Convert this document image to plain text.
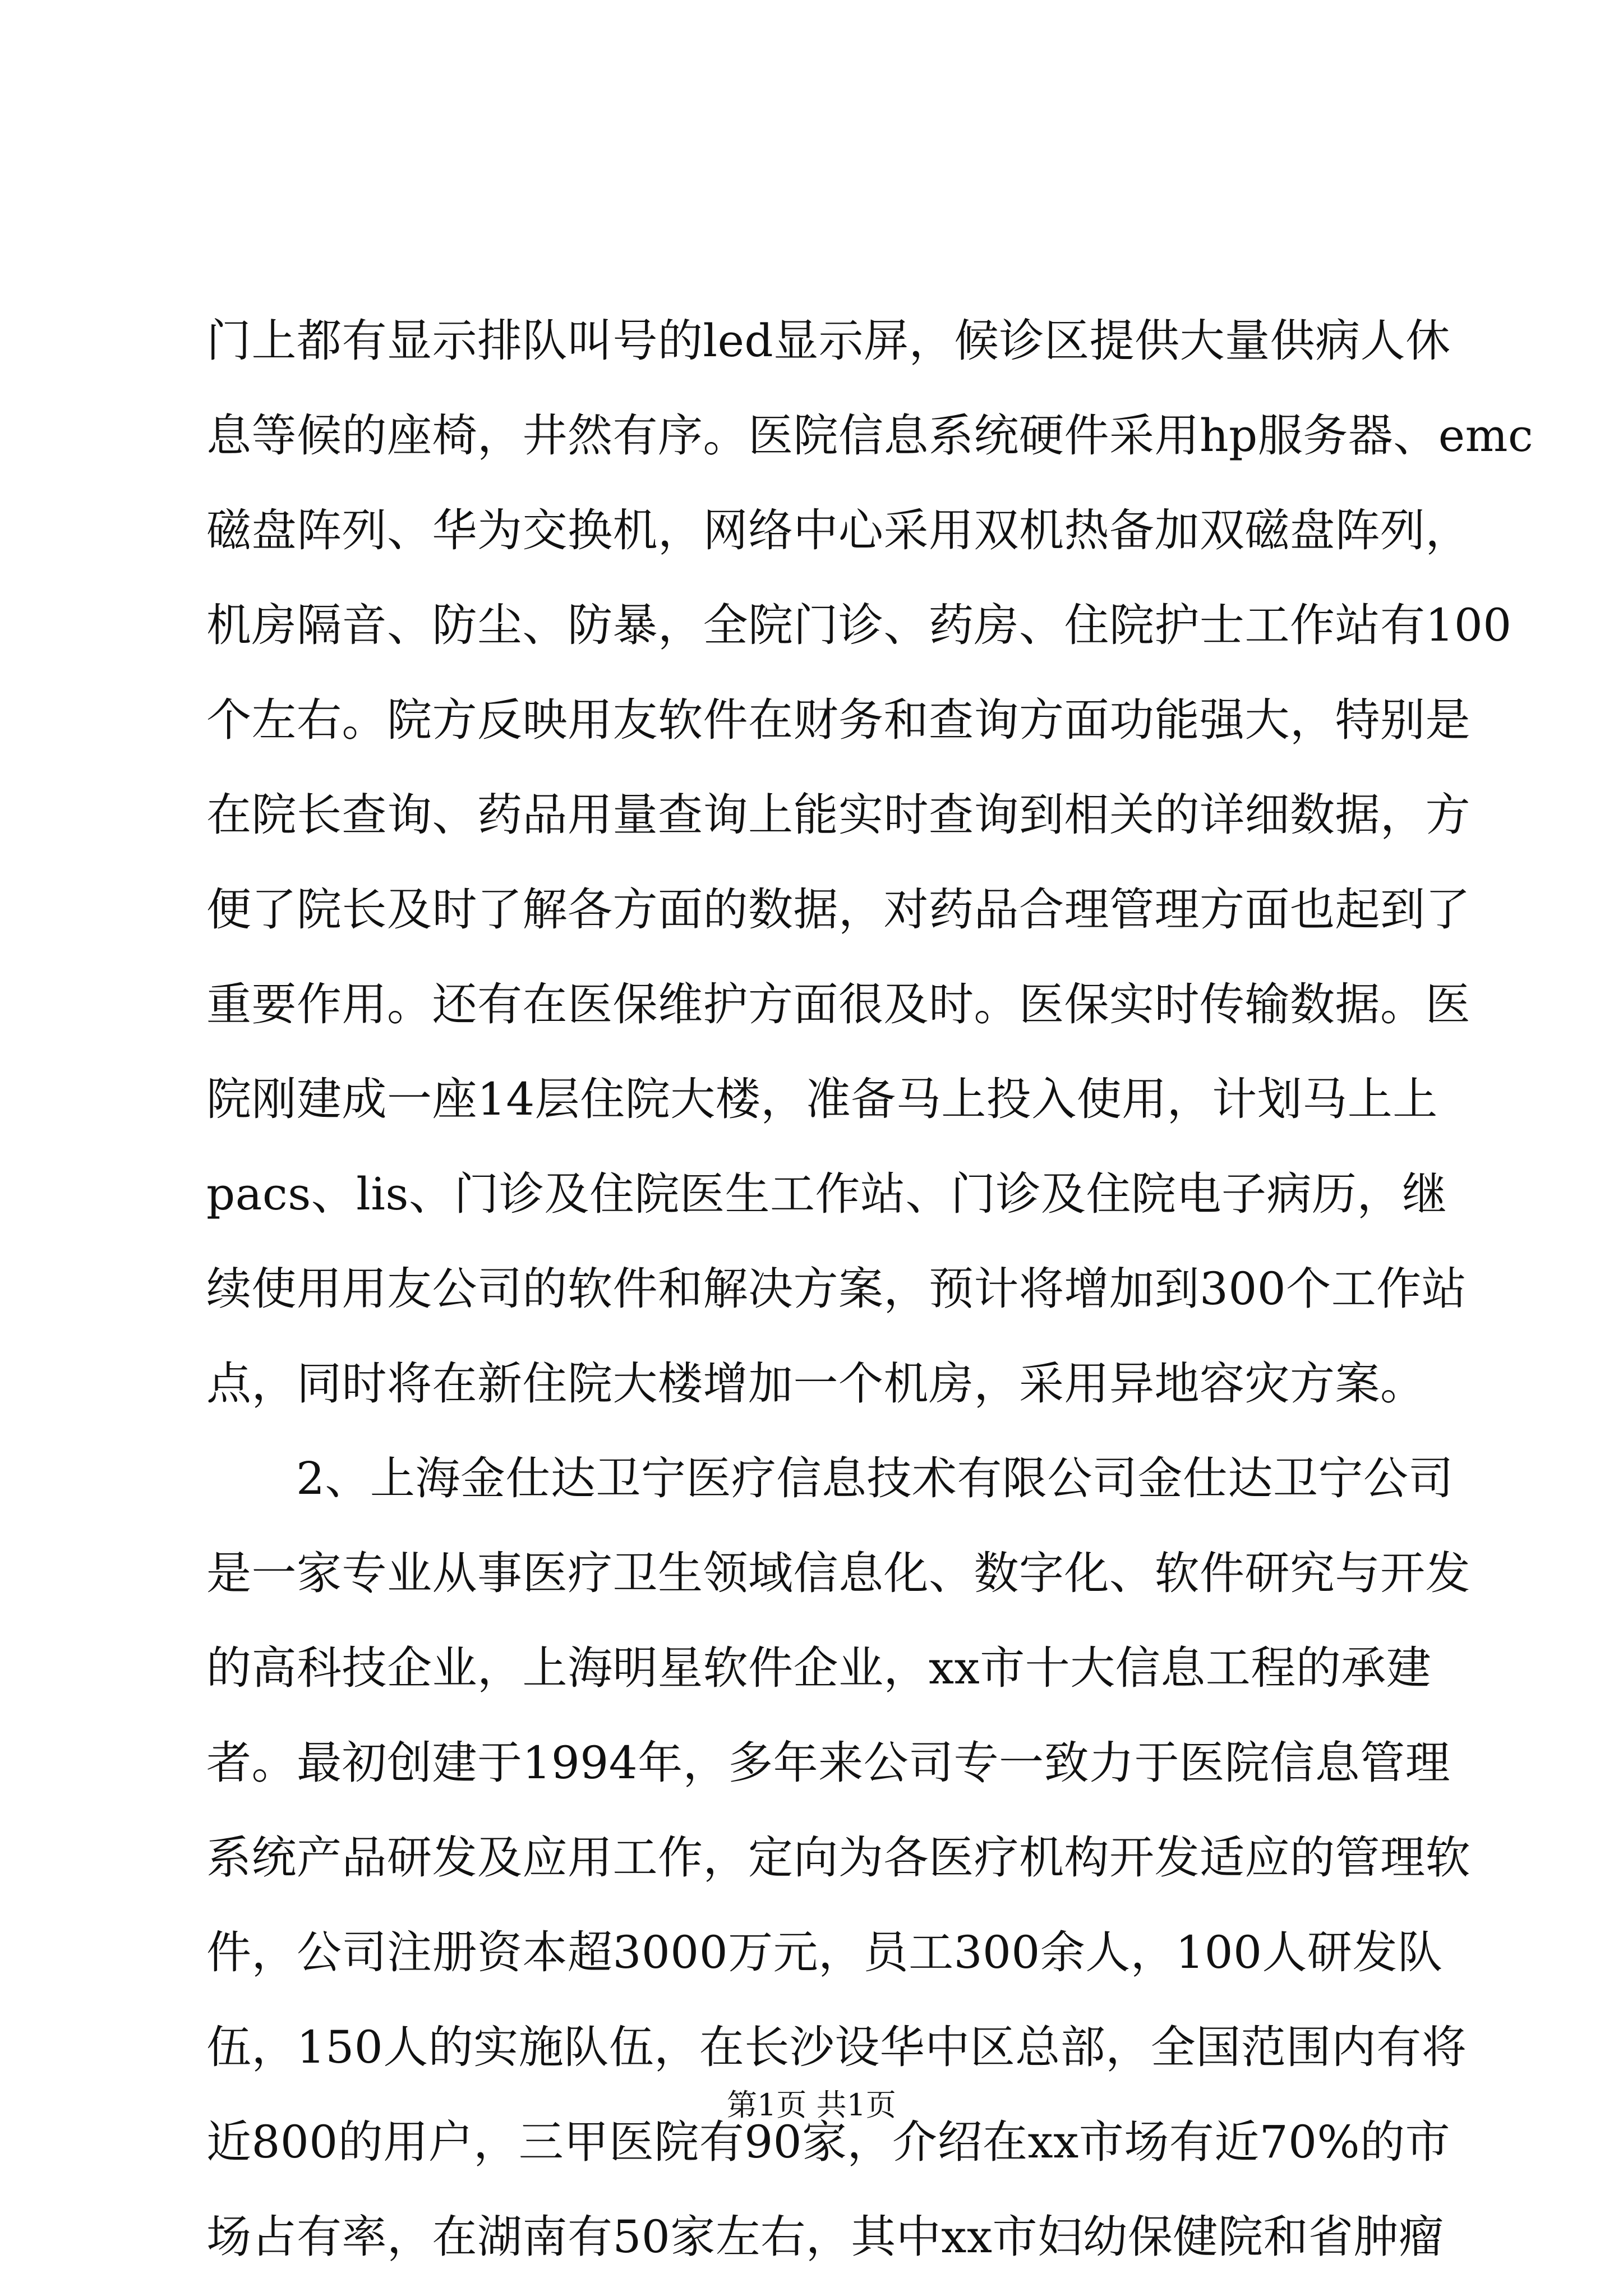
门上都有显示排队叫号的led显示屏，候诊区提供大量供病人休
息等候的座椅，井然有序。医院信息系统硬件采用hp服务器、emc
磁盘阵列、华为交换机，网络中心采用双机热备加双磁盘阵列，
机房隔音、防尘、防暴，全院门诊、药房、住院护士工作站有100
个左右。院方反映用友软件在财务和查询方面功能强大，特别是
在院长查询、药品用量查询上能实时查询到相关的详细数据，方
便了院长及时了解各方面的数据，对药品合理管理方面也起到了
重要作用。还有在医保维护方面很及时。医保实时传输数据。医
院刚建成一座14层住院大楼，准备马上投入使用，计划马上上
pacs、lis、门诊及住院医生工作站、门诊及住院电子病历，继
续使用用友公司的软件和解决方案，预计将增加到300个工作站
点，同时将在新住院大楼增加一个机房，采用异地容灾方案。
2、上海金仕达卫宁医疗信息技术有限公司金仕达卫宁公司
是一家专业从事医疗卫生领域信息化、数字化、软件研究与开发
的高科技企业，上海明星软件企业，xx市十大信息工程的承建
者。最初创建于1994年，多年来公司专一致力于医院信息管理
系统产品研发及应用工作，定向为各医疗机构开发适应的管理软
件，公司注册资本超3000万元，员工300余人，100人研发队
伍，150人的实施队伍，在长沙设华中区总部，全国范围内有将
近800的用户，三甲医院有90家，介绍在xx市场有近70%的市
场占有率，在湖南有50家左右，其中xx市妇幼保健院和省肿瘤
第1页 共1页
